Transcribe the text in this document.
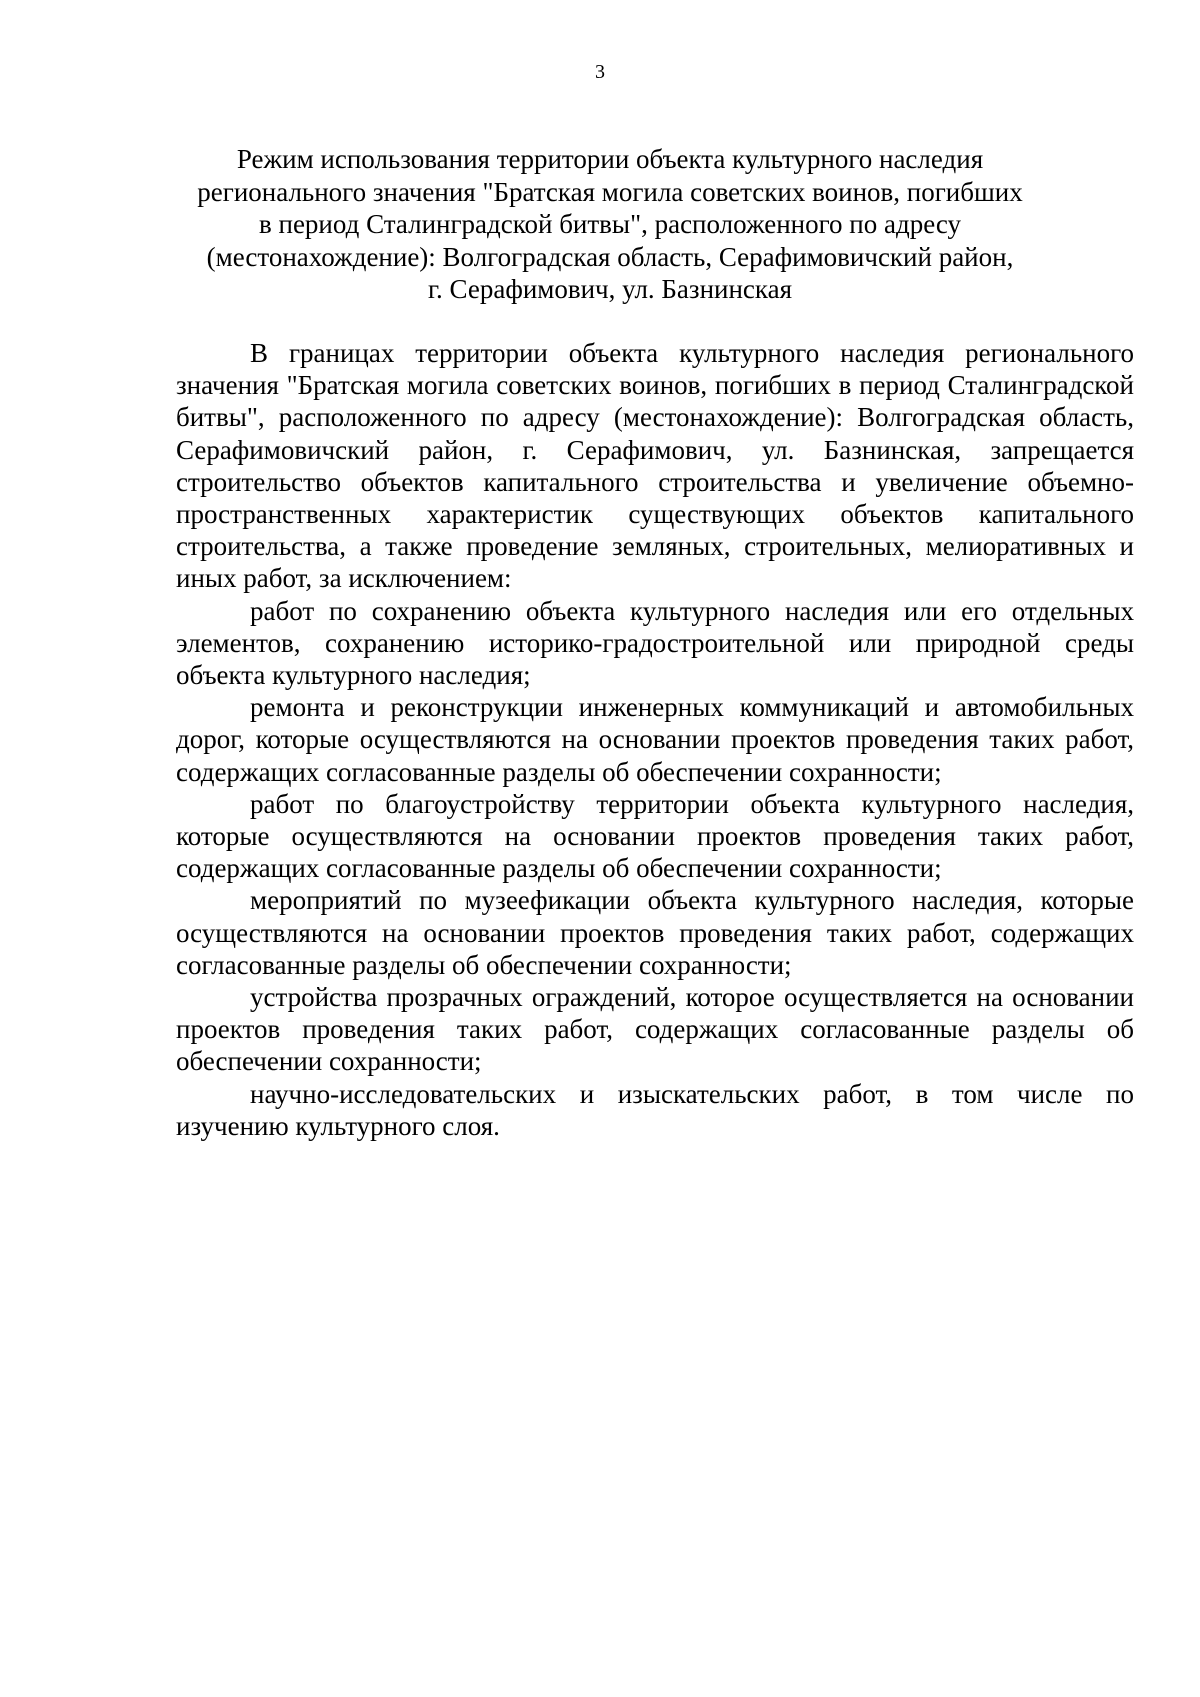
3
Режим использования территории объекта культурного наследия
регионального значения "Братская могила советских воинов, погибших
в период Сталинградской битвы", расположенного по адресу
(местонахождение): Волгоградская область, Серафимовичский район,
г. Серафимович, ул. Базнинская

В границах территории объекта культурного наследия регионального значения "Братская могила советских воинов, погибших в период Сталинградской битвы", расположенного по адресу (местонахождение): Волгоградская область, Серафимовичский район, г. Серафимович, ул. Базнинская, запрещается строительство объектов капитального строительства и увеличение объемно-пространственных характеристик существующих объектов капитального строительства, а также проведение земляных, строительных, мелиоративных и иных работ, за исключением:

работ по сохранению объекта культурного наследия или его отдельных элементов, сохранению историко-градостроительной или природной среды объекта культурного наследия;

ремонта и реконструкции инженерных коммуникаций и автомобильных дорог, которые осуществляются на основании проектов проведения таких работ, содержащих согласованные разделы об обеспечении сохранности;

работ по благоустройству территории объекта культурного наследия, которые осуществляются на основании проектов проведения таких работ, содержащих согласованные разделы об обеспечении сохранности;

мероприятий по музеефикации объекта культурного наследия, которые осуществляются на основании проектов проведения таких работ, содержащих согласованные разделы об обеспечении сохранности;

устройства прозрачных ограждений, которое осуществляется на основании проектов проведения таких работ, содержащих согласованные разделы об обеспечении сохранности;

научно-исследовательских и изыскательских работ, в том числе по изучению культурного слоя.
